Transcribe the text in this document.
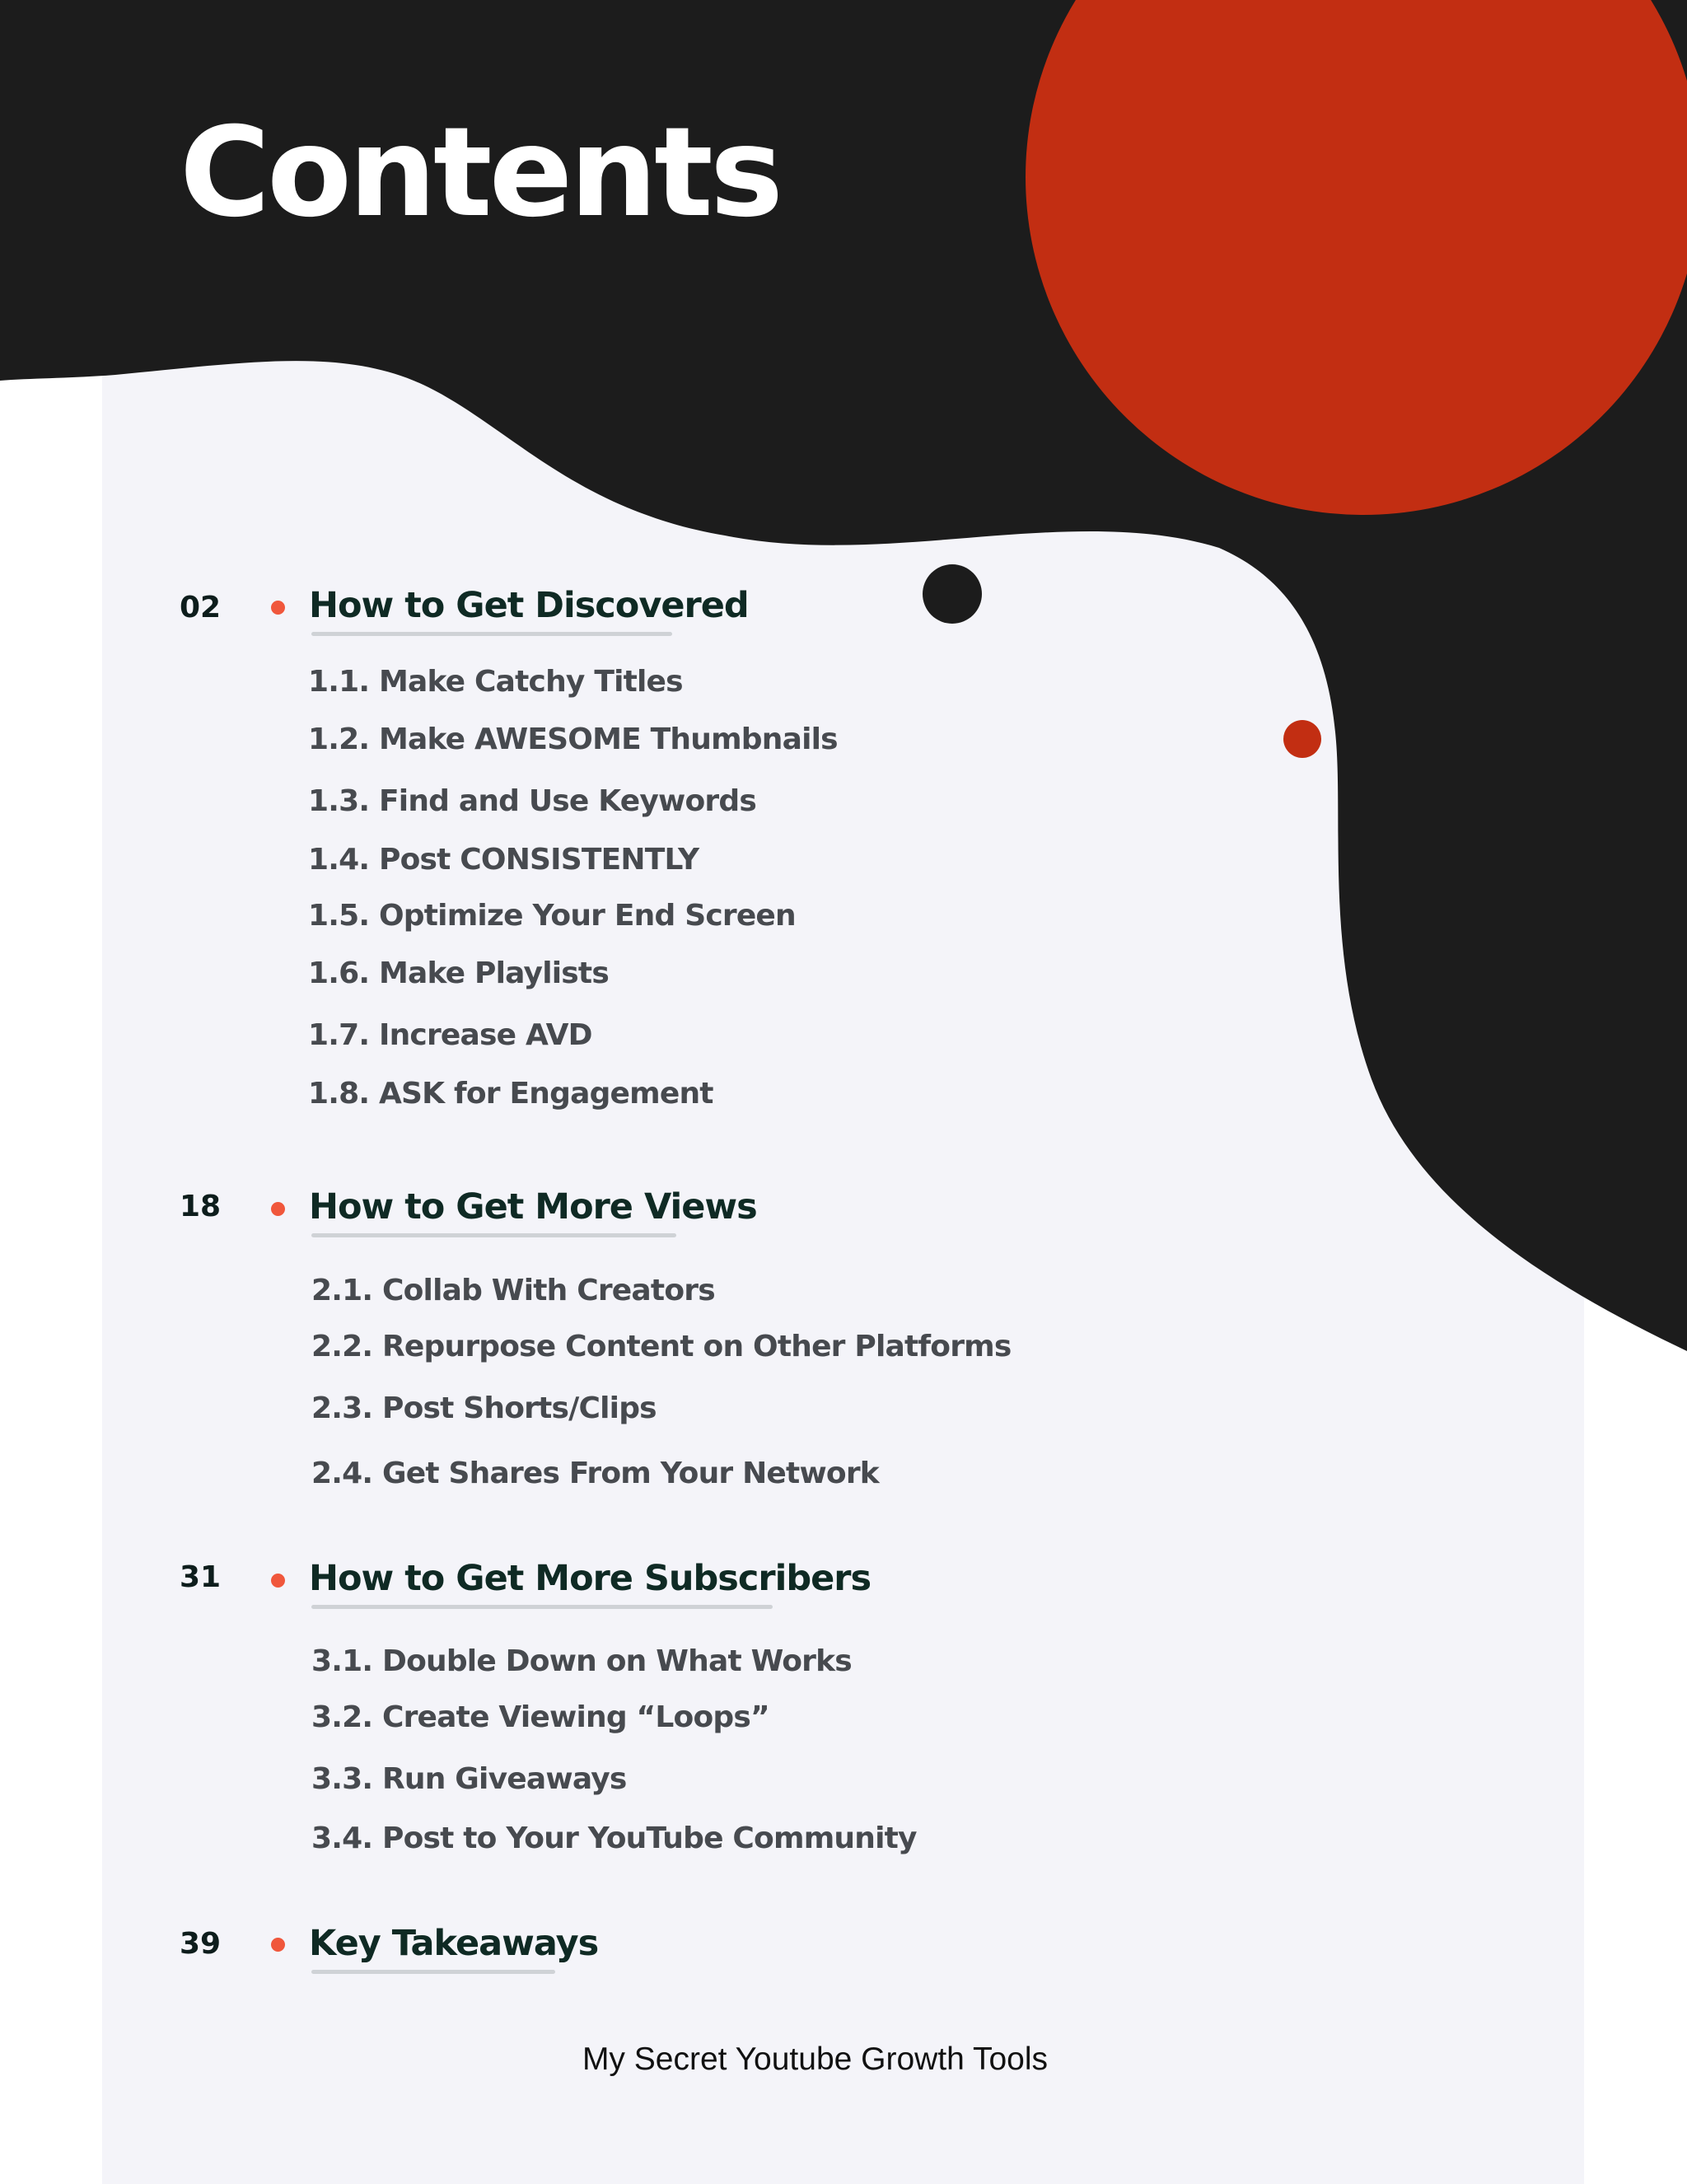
Contents
02 How to Get Discovered
1.1. Make Catchy Titles
1.2. Make AWESOME Thumbnails
1.3. Find and Use Keywords
1.4. Post CONSISTENTLY
1.5. Optimize Your End Screen
1.6. Make Playlists
1.7. Increase AVD
1.8. ASK for Engagement
18 How to Get More Views
2.1. Collab With Creators
2.2. Repurpose Content on Other Platforms
2.3. Post Shorts/Clips
2.4. Get Shares From Your Network
31 How to Get More Subscribers
3.1. Double Down on What Works
3.2. Create Viewing “Loops”
3.3. Run Giveaways
3.4. Post to Your YouTube Community
39 Key Takeaways
My Secret Youtube Growth Tools
